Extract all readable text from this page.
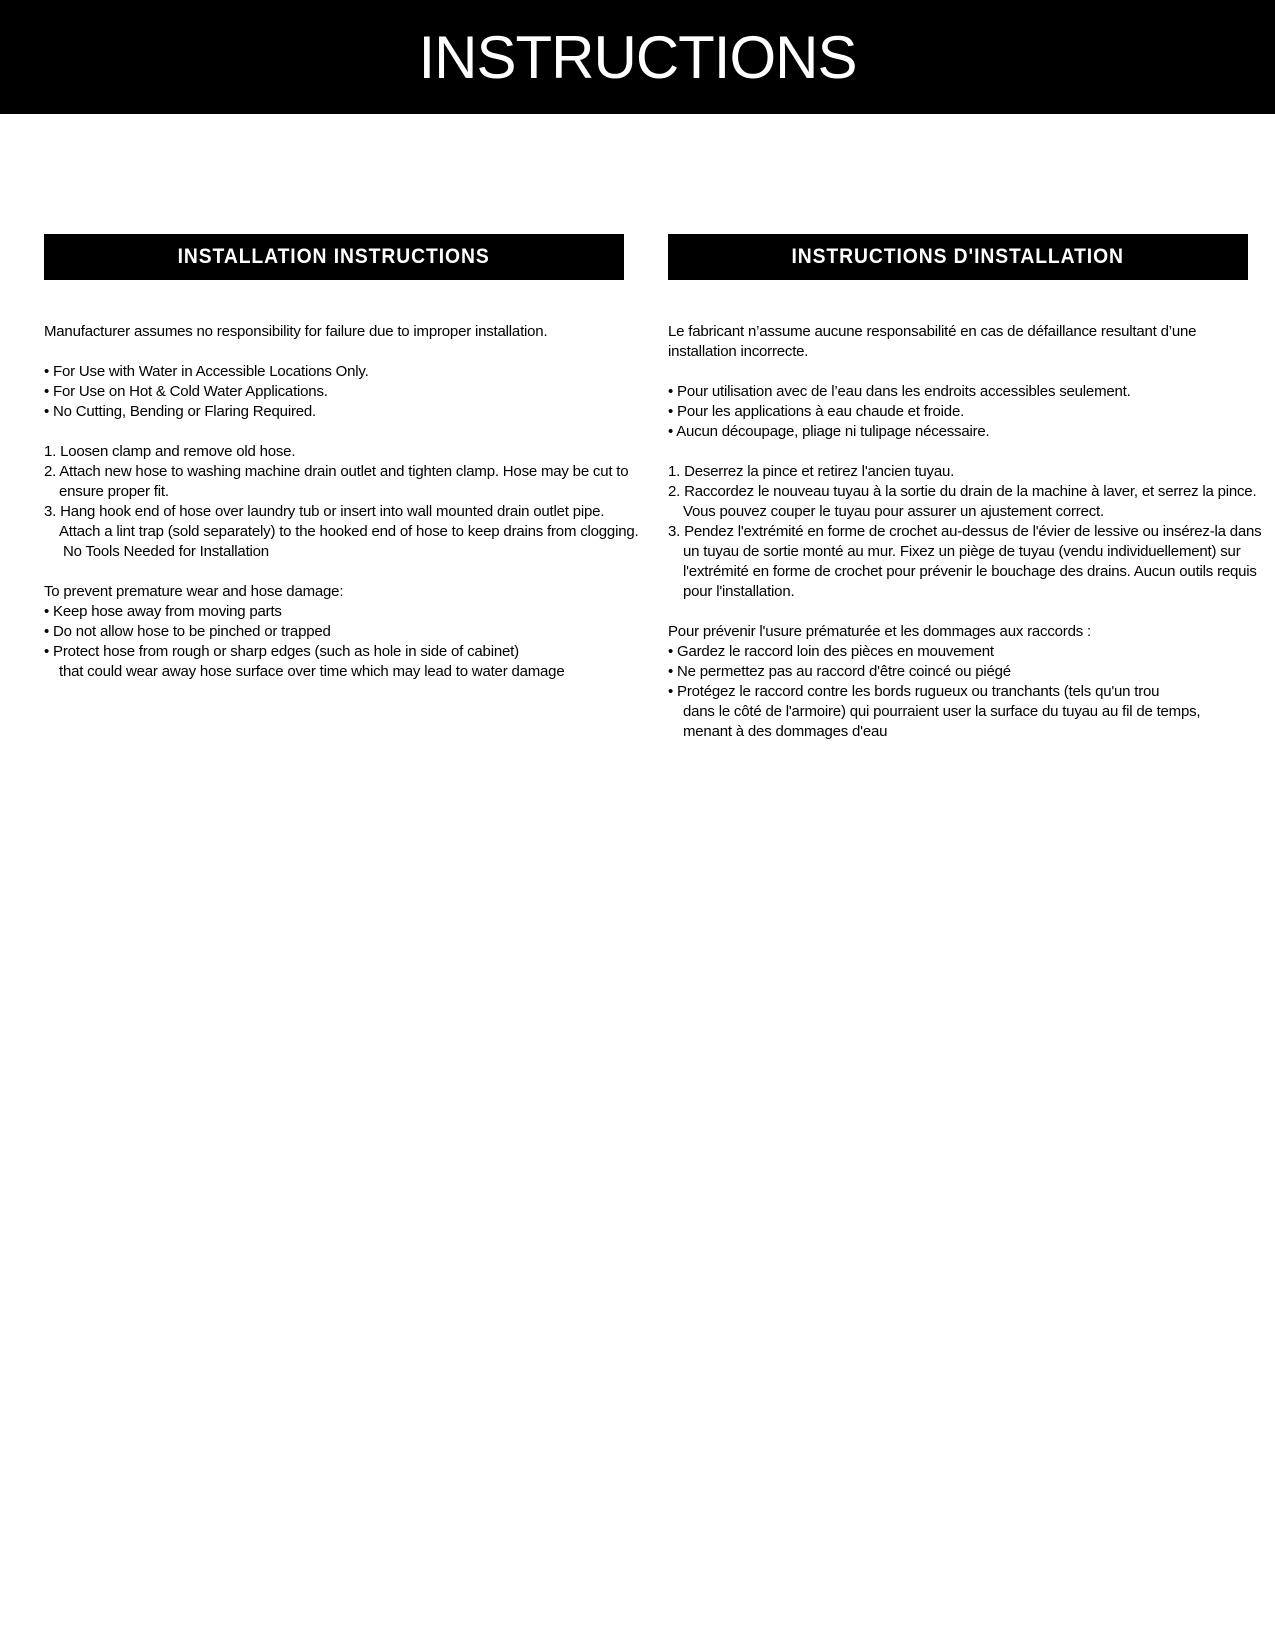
INSTRUCTIONS
INSTALLATION INSTRUCTIONS
Manufacturer assumes no responsibility for failure due to improper installation.
• For Use with Water in Accessible Locations Only.
• For Use on Hot & Cold Water Applications.
• No Cutting, Bending or Flaring Required.
1. Loosen clamp and remove old hose.
2. Attach new hose to washing machine drain outlet and tighten clamp. Hose may be cut to
ensure proper fit.
3. Hang hook end of hose over laundry tub or insert into wall mounted drain outlet pipe.
Attach a lint trap (sold separately) to the hooked end of hose to keep drains from clogging.
No Tools Needed for Installation
To prevent premature wear and hose damage:
• Keep hose away from moving parts
• Do not allow hose to be pinched or trapped
• Protect hose from rough or sharp edges (such as hole in side of cabinet)
that could wear away hose surface over time which may lead to water damage
INSTRUCTIONS D'INSTALLATION
Le fabricant n’assume aucune responsabilité en cas de défaillance resultant d’une
installation incorrecte.
• Pour utilisation avec de l’eau dans les endroits accessibles seulement.
• Pour les applications à eau chaude et froide.
• Aucun découpage, pliage ni tulipage nécessaire.
1. Deserrez la pince et retirez l'ancien tuyau.
2. Raccordez le nouveau tuyau à la sortie du drain de la machine à laver, et serrez la pince.
Vous pouvez couper le tuyau pour assurer un ajustement correct.
3. Pendez l'extrémité en forme de crochet au-dessus de l'évier de lessive ou insérez-la dans
un tuyau de sortie monté au mur. Fixez un piège de tuyau (vendu individuellement) sur
l'extrémité en forme de crochet pour prévenir le bouchage des drains. Aucun outils requis
pour l'installation.
Pour prévenir l'usure prématurée et les dommages aux raccords :
• Gardez le raccord loin des pièces en mouvement
• Ne permettez pas au raccord d'être coincé ou piégé
• Protégez le raccord contre les bords rugueux ou tranchants (tels qu'un trou
dans le côté de l'armoire) qui pourraient user la surface du tuyau au fil de temps,
menant à des dommages d'eau
